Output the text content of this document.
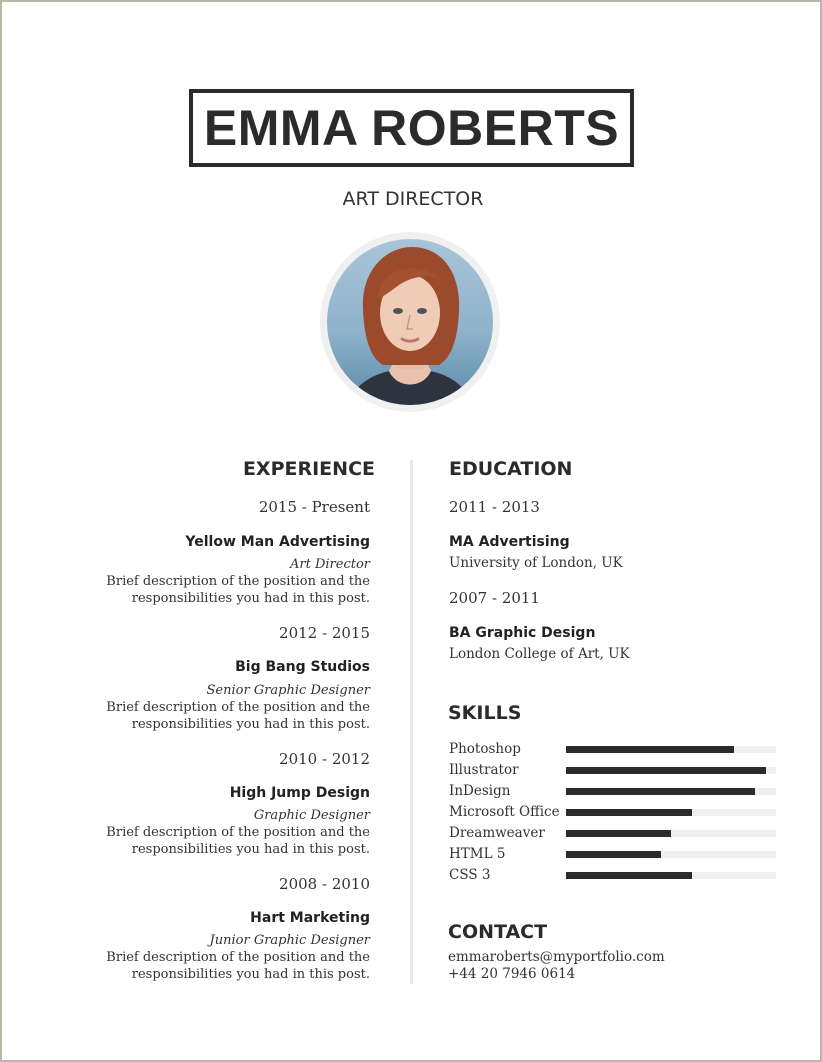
EMMA ROBERTS
ART DIRECTOR
EXPERIENCE
2015 - Present
Yellow Man Advertising
Art Director
Brief description of the position and the
responsibilities you had in this post.
2012 - 2015
Big Bang Studios
Senior Graphic Designer
Brief description of the position and the
responsibilities you had in this post.
2010 - 2012
High Jump Design
Graphic Designer
Brief description of the position and the
responsibilities you had in this post.
2008 - 2010
Hart Marketing
Junior Graphic Designer
Brief description of the position and the
responsibilities you had in this post.
EDUCATION
2011 - 2013
MA Advertising
University of London, UK
2007 - 2011
BA Graphic Design
London College of Art, UK
SKILLS
Photoshop
Illustrator
InDesign
Microsoft Office
Dreamweaver
HTML 5
CSS 3
CONTACT
emmaroberts@myportfolio.com
+44 20 7946 0614
